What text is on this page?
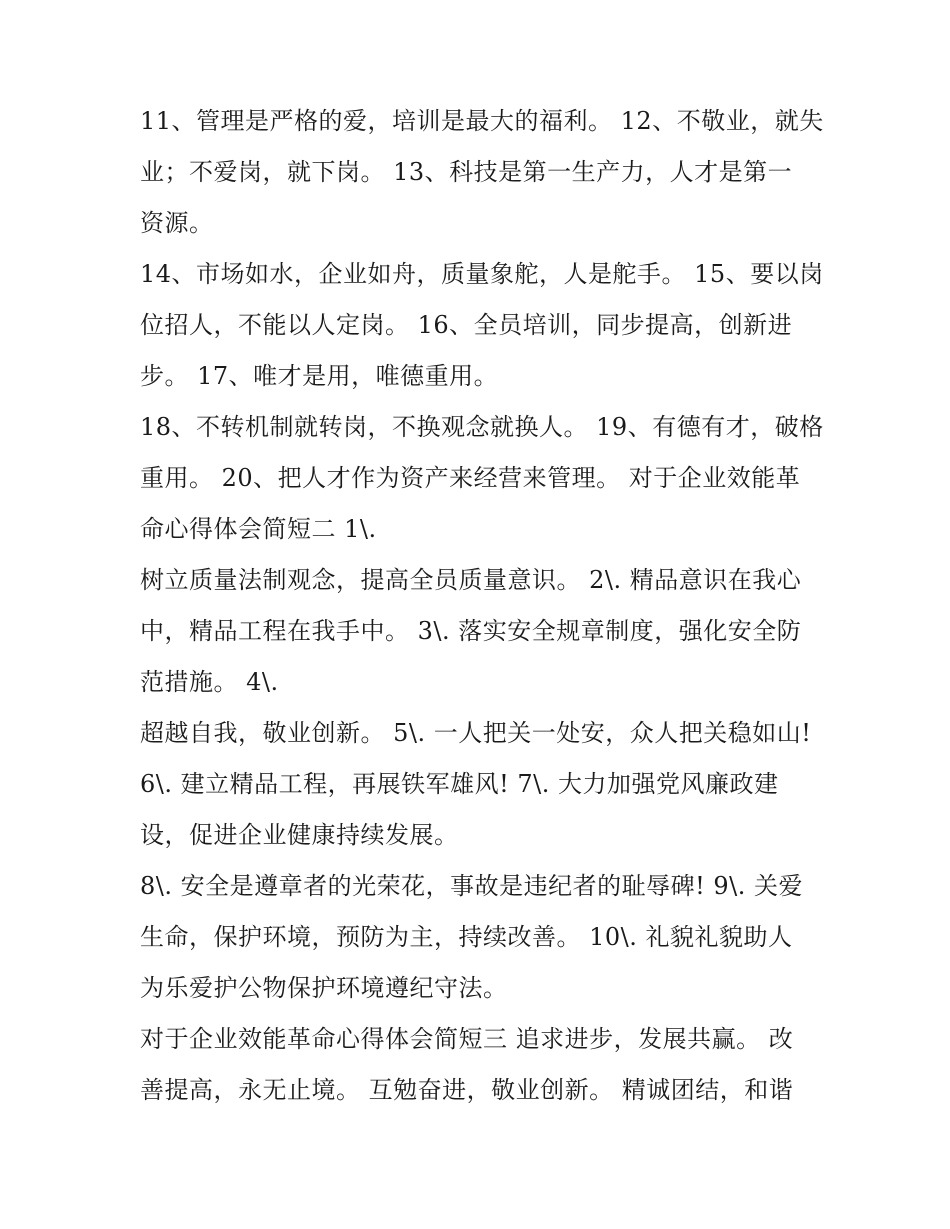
11、管理是严格的爱，培训是最大的福利。 12、不敬业，就失
业；不爱岗，就下岗。 13、科技是第一生产力，人才是第一
资源。
14、市场如水，企业如舟，质量象舵，人是舵手。 15、要以岗
位招人，不能以人定岗。 16、全员培训，同步提高，创新进
步。 17、唯才是用，唯德重用。
18、不转机制就转岗，不换观念就换人。 19、有德有才，破格
重用。 20、把人才作为资产来经营来管理。 对于企业效能革
命心得体会简短二 1\.
树立质量法制观念，提高全员质量意识。 2\. 精品意识在我心
中，精品工程在我手中。 3\. 落实安全规章制度，强化安全防
范措施。 4\.
超越自我，敬业创新。 5\. 一人把关一处安，众人把关稳如山!
6\. 建立精品工程，再展铁军雄风! 7\. 大力加强党风廉政建
设，促进企业健康持续发展。
8\. 安全是遵章者的光荣花，事故是违纪者的耻辱碑! 9\. 关爱
生命，保护环境，预防为主，持续改善。 10\. 礼貌礼貌助人
为乐爱护公物保护环境遵纪守法。
对于企业效能革命心得体会简短三 追求进步，发展共赢。 改
善提高，永无止境。 互勉奋进，敬业创新。 精诚团结，和谐
